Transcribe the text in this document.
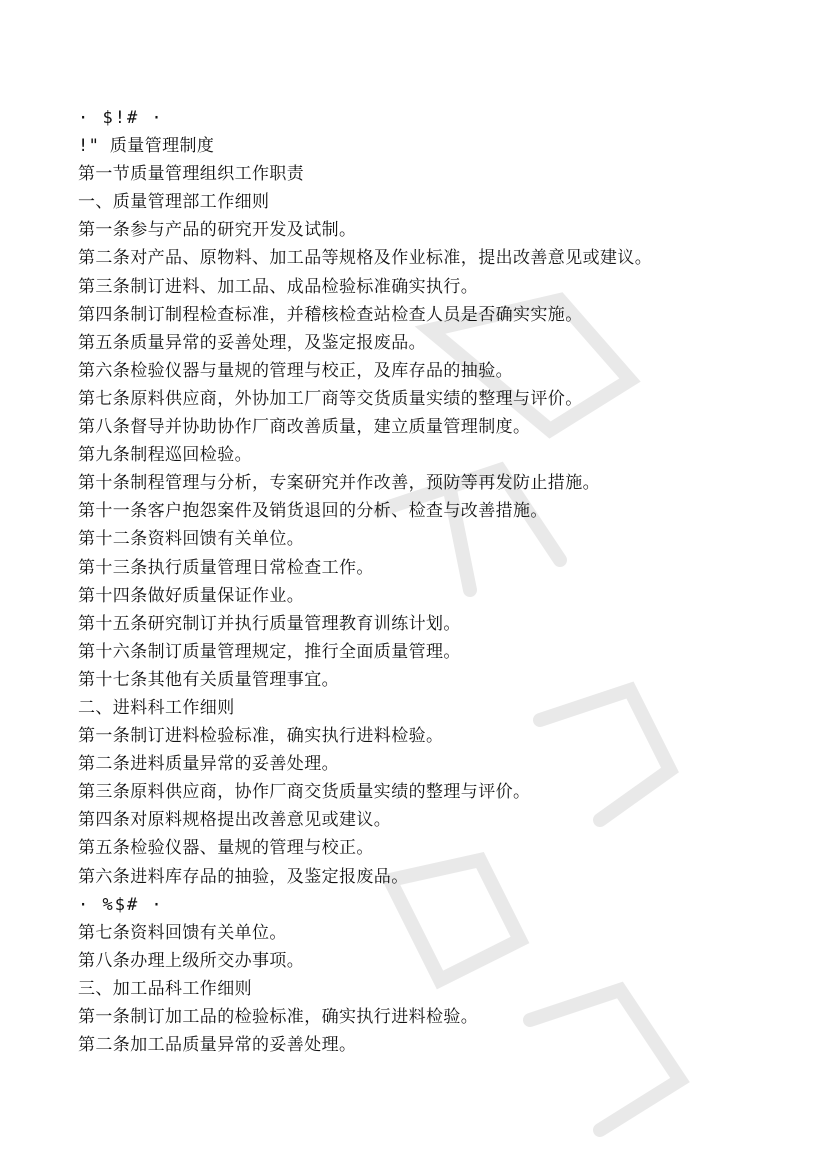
· $!# ·
!" 质量管理制度
第一节质量管理组织工作职责
一、质量管理部工作细则
第一条参与产品的研究开发及试制。
第二条对产品、原物料、加工品等规格及作业标准，提出改善意见或建议。
第三条制订进料、加工品、成品检验标准确实执行。
第四条制订制程检查标准，并稽核检查站检查人员是否确实实施。
第五条质量异常的妥善处理，及鉴定报废品。
第六条检验仪器与量规的管理与校正，及库存品的抽验。
第七条原料供应商，外协加工厂商等交货质量实绩的整理与评价。
第八条督导并协助协作厂商改善质量，建立质量管理制度。
第九条制程巡回检验。
第十条制程管理与分析，专案研究并作改善，预防等再发防止措施。
第十一条客户抱怨案件及销货退回的分析、检查与改善措施。
第十二条资料回馈有关单位。
第十三条执行质量管理日常检查工作。
第十四条做好质量保证作业。
第十五条研究制订并执行质量管理教育训练计划。
第十六条制订质量管理规定，推行全面质量管理。
第十七条其他有关质量管理事宜。
二、进料科工作细则
第一条制订进料检验标准，确实执行进料检验。
第二条进料质量异常的妥善处理。
第三条原料供应商，协作厂商交货质量实绩的整理与评价。
第四条对原料规格提出改善意见或建议。
第五条检验仪器、量规的管理与校正。
第六条进料库存品的抽验，及鉴定报废品。
· %$# ·
第七条资料回馈有关单位。
第八条办理上级所交办事项。
三、加工品科工作细则
第一条制订加工品的检验标准，确实执行进料检验。
第二条加工品质量异常的妥善处理。
